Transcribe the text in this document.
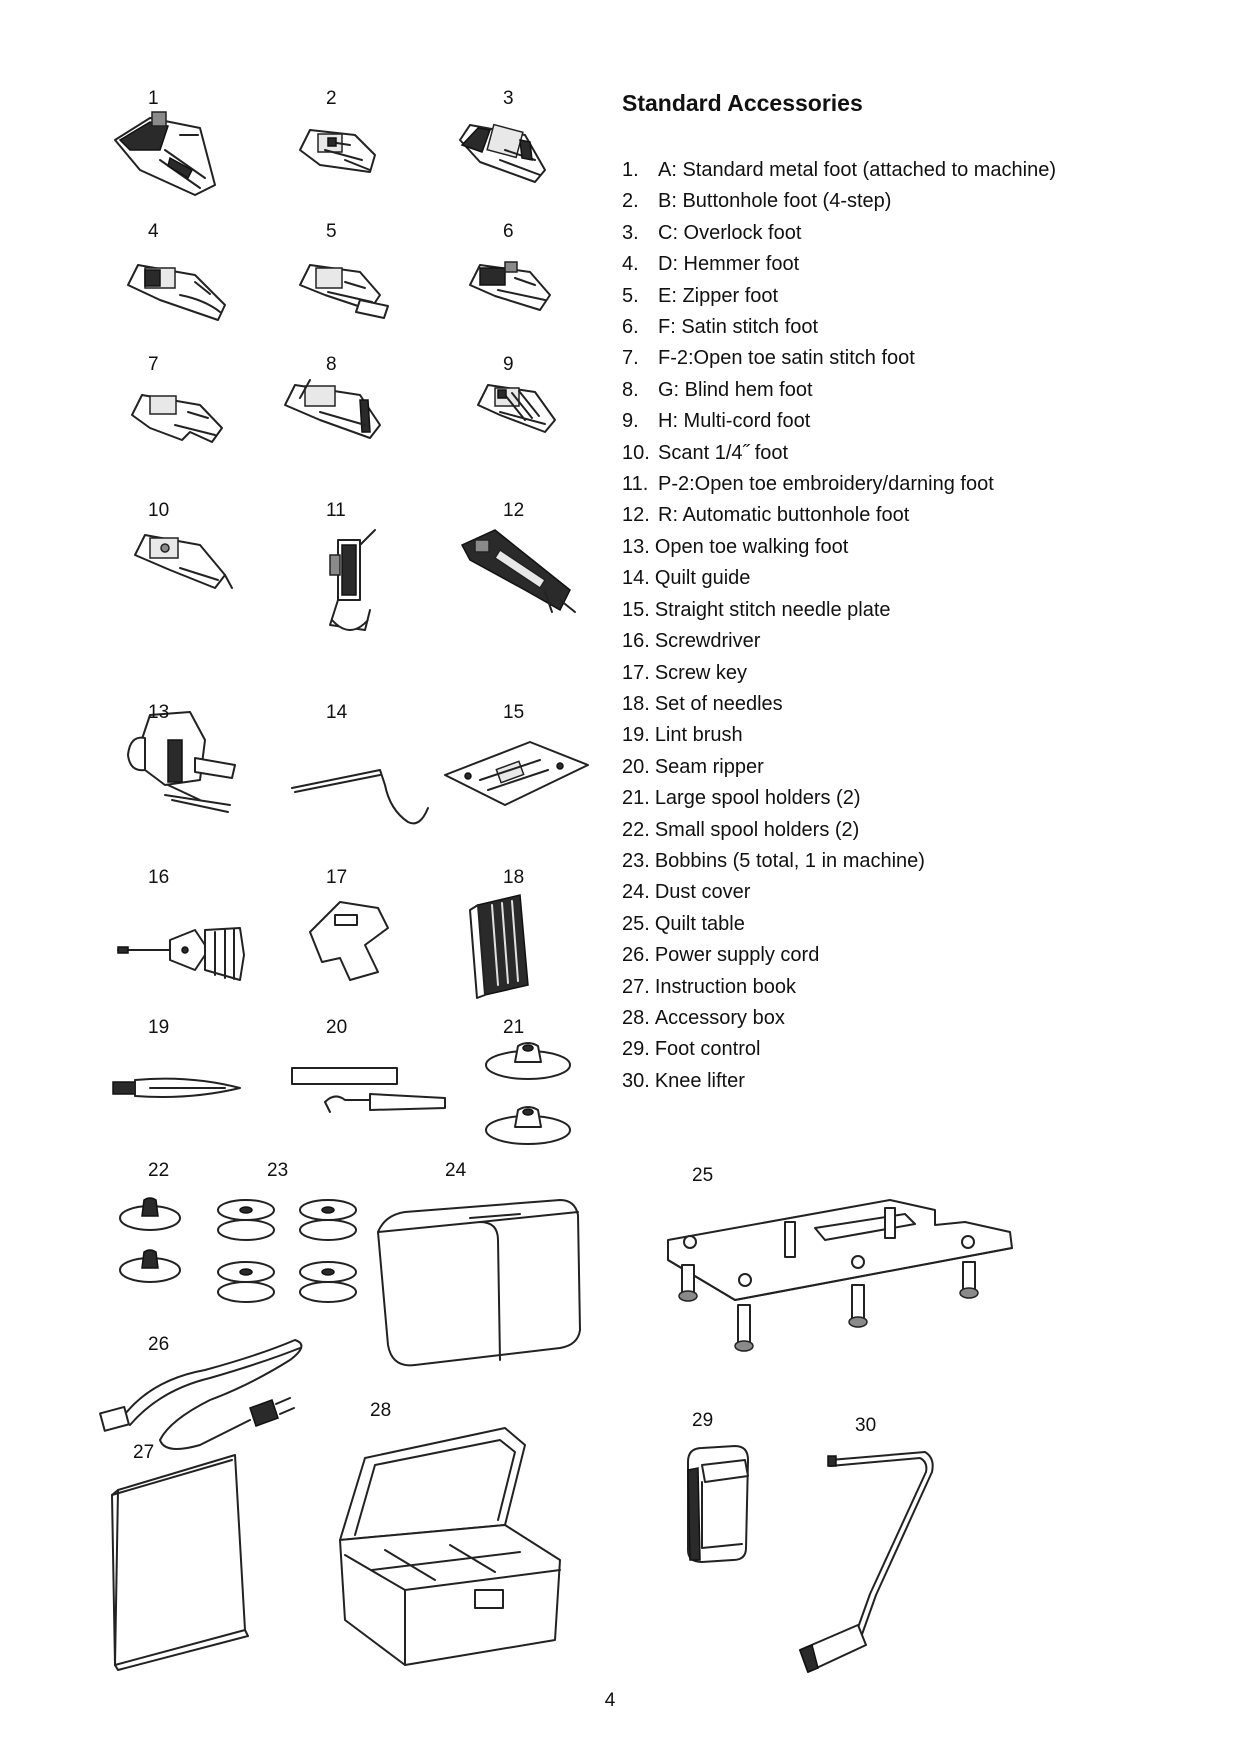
1	2	3
4	5	6
7	8	9
10	11	12
13	14	15
16	17	18
19	20	21
22	23	24	25
26
27
28	29	30
Standard Accessories
1. A: Standard metal foot (attached to machine)
2. B: Buttonhole foot (4-step)
3. C: Overlock foot
4. D: Hemmer foot
5. E: Zipper foot
6. F: Satin stitch foot
7. F-2:Open toe satin stitch foot
8. G: Blind hem foot
9. H: Multi-cord foot
10. Scant 1/4˝ foot
11. P-2:Open toe embroidery/darning foot
12. R: Automatic buttonhole foot
13. Open toe walking foot
14. Quilt guide
15. Straight stitch needle plate
16. Screwdriver
17. Screw key
18. Set of needles
19. Lint brush
20. Seam ripper
21. Large spool holders (2)
22. Small spool holders (2)
23. Bobbins (5 total, 1 in machine)
24. Dust cover
25. Quilt table
26. Power supply cord
27. Instruction book
28. Accessory box
29. Foot control
30. Knee lifter
4
